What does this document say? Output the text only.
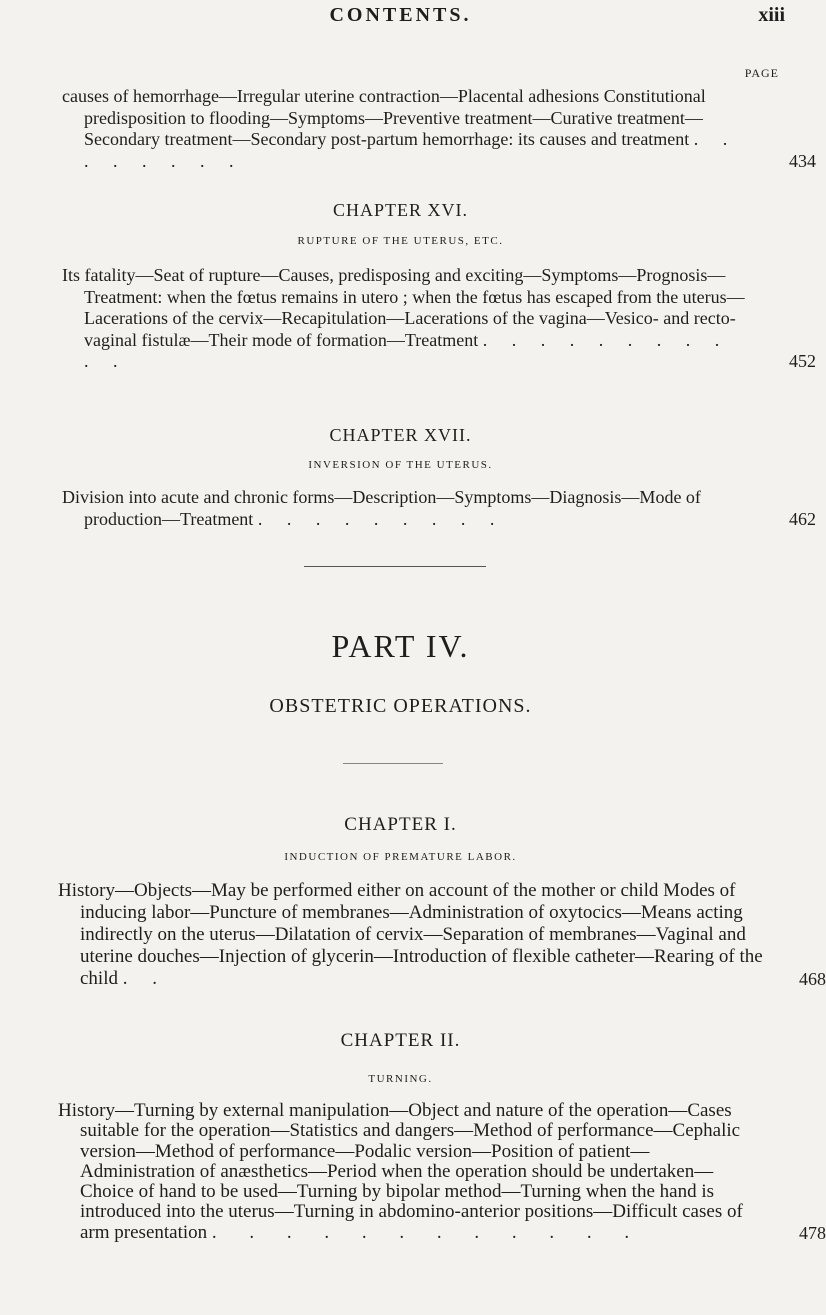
CONTENTS.	xiii
PAGE
causes of hemorrhage—Irregular uterine contraction—Placental adhesions Constitutional predisposition to flooding—Symptoms—Preventive treatment—Curative treatment—Secondary treatment—Secondary post-partum hemorrhage: its causes and treatment . . . . . . . .	434
CHAPTER XVI.
RUPTURE OF THE UTERUS, ETC.
Its fatality—Seat of rupture—Causes, predisposing and exciting—Symptoms—Prognosis—Treatment: when the fœtus remains in utero ; when the fœtus has escaped from the uterus—Lacerations of the cervix—Recapitulation—Lacerations of the vagina—Vesico- and recto-vaginal fistulæ—Their mode of formation—Treatment . . . . . . . . . . .	452
CHAPTER XVII.
INVERSION OF THE UTERUS.
Division into acute and chronic forms—Description—Symptoms—Diagnosis—Mode of production—Treatment . . . . . . . . .	462
PART IV.
OBSTETRIC OPERATIONS.
CHAPTER I.
INDUCTION OF PREMATURE LABOR.
History—Objects—May be performed either on account of the mother or child Modes of inducing labor—Puncture of membranes—Administration of oxytocics—Means acting indirectly on the uterus—Dilatation of cervix—Separation of membranes—Vaginal and uterine douches—Injection of glycerin—Introduction of flexible catheter—Rearing of the child . .	468
CHAPTER II.
TURNING.
History—Turning by external manipulation—Object and nature of the operation—Cases suitable for the operation—Statistics and dangers—Method of performance—Cephalic version—Method of performance—Podalic version—Position of patient—Administration of anæsthetics—Period when the operation should be undertaken—Choice of hand to be used—Turning by bipolar method—Turning when the hand is introduced into the uterus—Turning in abdomino-anterior positions—Difficult cases of arm presentation . . . . . . . . . . . .	478
